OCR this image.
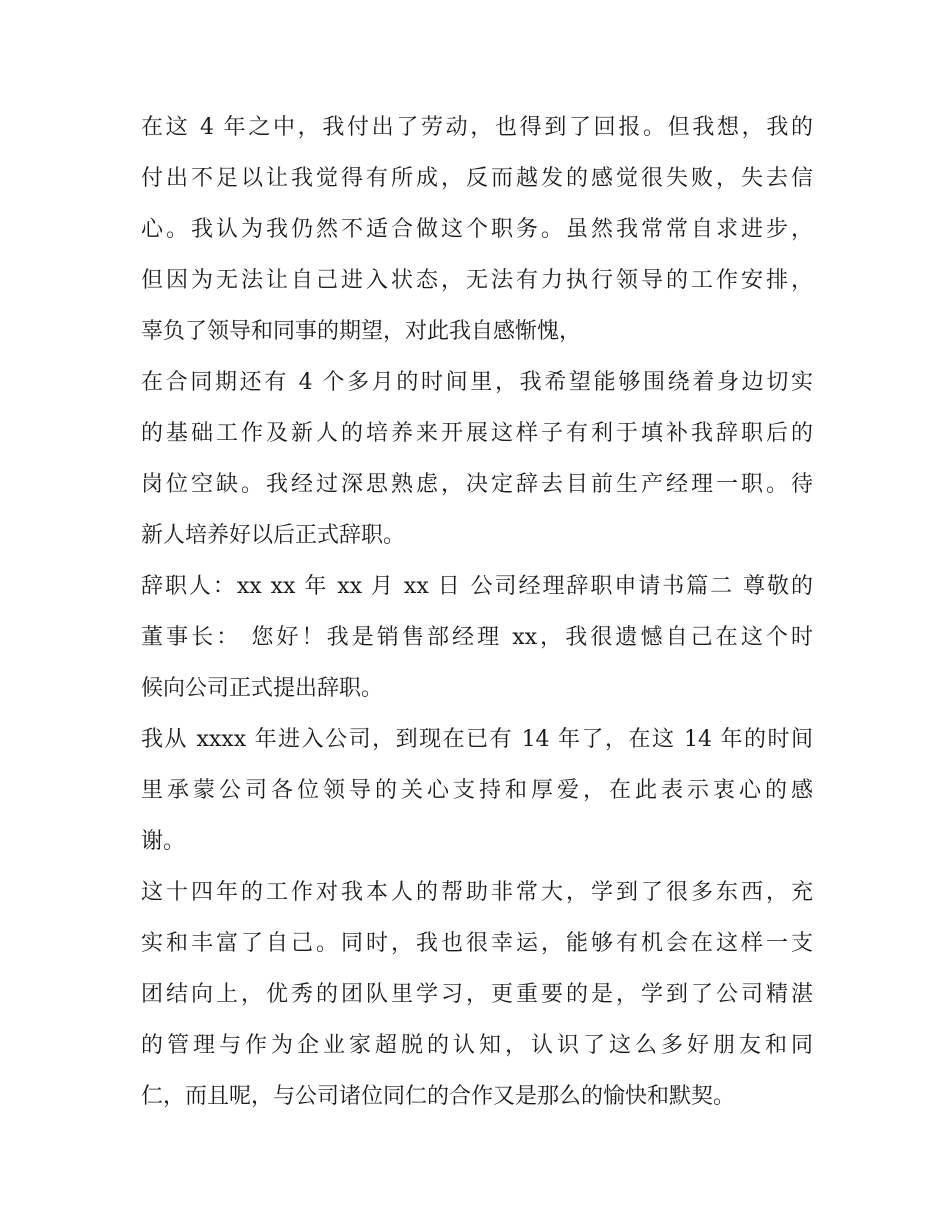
在这 4 年之中，我付出了劳动，也得到了回报。但我想，我的
付出不足以让我觉得有所成，反而越发的感觉很失败，失去信
心。我认为我仍然不适合做这个职务。虽然我常常自求进步，
但因为无法让自己进入状态，无法有力执行领导的工作安排，
辜负了领导和同事的期望，对此我自感惭愧，
在合同期还有 4 个多月的时间里，我希望能够围绕着身边切实
的基础工作及新人的培养来开展这样子有利于填补我辞职后的
岗位空缺。我经过深思熟虑，决定辞去目前生产经理一职。待
新人培养好以后正式辞职。
辞职人：xx xx 年 xx 月 xx 日 公司经理辞职申请书篇二 尊敬的
董事长： 您好！我是销售部经理 xx，我很遗憾自己在这个时
候向公司正式提出辞职。
我从 xxxx 年进入公司，到现在已有 14 年了，在这 14 年的时间
里承蒙公司各位领导的关心支持和厚爱，在此表示衷心的感
谢。
这十四年的工作对我本人的帮助非常大，学到了很多东西，充
实和丰富了自己。同时，我也很幸运，能够有机会在这样一支
团结向上，优秀的团队里学习，更重要的是，学到了公司精湛
的管理与作为企业家超脱的认知，认识了这么多好朋友和同
仁，而且呢，与公司诸位同仁的合作又是那么的愉快和默契。
